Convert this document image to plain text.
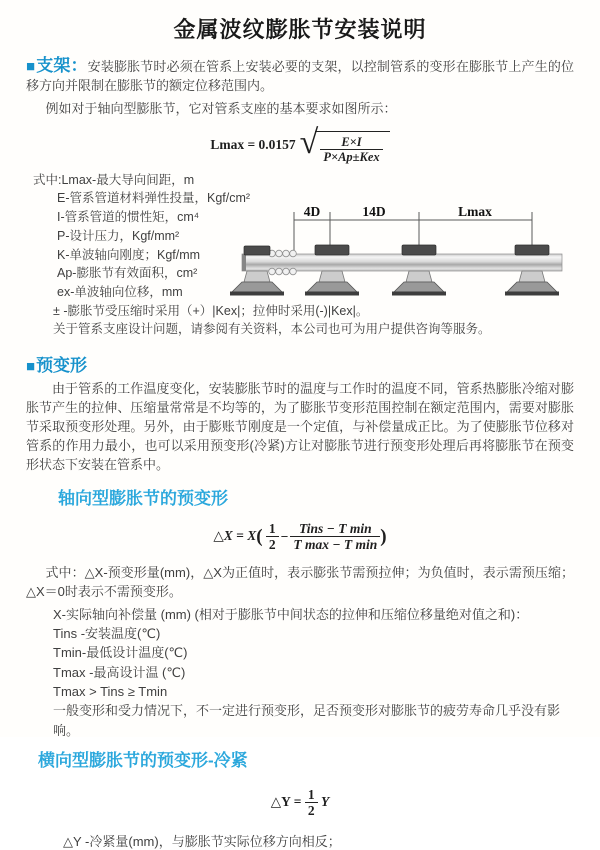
金属波纹膨胀节安装说明

■支架：安装膨胀节时必须在管系上安装必要的支架，以控制管系的变形在膨胀节上产生的位移方向并限制在膨胀节的额定位移范围内。

例如对于轴向型膨胀节，它对管系支座的基本要求如图所示：

Lmax = 0.0157 √ $\frac{E\times I}{\text{P×Ap±Kex}}$
式中:Lmax-最大导向间距，m
E-管系管道材料弹性投量，Kgf/cm²
I-管系管道的惯性矩，cm⁴
P-设计压力，Kgf/mm²
K-单波轴向刚度；Kgf/mm
Ap-膨胀节有效面积，cm²
ex-单波轴向位移，mm
± -膨胀节受压缩时采用（+）|Kex|；拉伸时采用(-)|Kex|。
关于管系支座设计问题，请参阅有关资料，本公司也可为用户提供咨询等服务。
4D	14D	Lmax
■预变形

由于管系的工作温度变化，安装膨胀节时的温度与工作时的温度不同，管系热膨胀冷缩对膨胀节产生的拉伸、压缩量常常是不均等的，为了膨胀节变形范围控制在额定范围内，需要对膨胀节采取预变形处理。另外，由于膨账节刚度是一个定值，与补偿量成正比。为了使膨胀节位移对管系的作用力最小，也可以采用预变形(冷紧)方让对膨胀节进行预变形处理后再将膨胀节在预变形状态下安装在管系中。

轴向型膨胀节的预变形
△X = $X( \frac{1}{2} - \frac{\text{Tins − T min}}{\text{T max − T min}}$ )

式中：△X-预变形量(mm)，△X为正值时，表示膨张节需预拉伸；为负值时，表示需预压缩；△X＝0时表示不需预变形。

X-实际轴向补偿量 (mm) (相对于膨胀节中间状态的拉伸和压缩位移量绝对值之和)：
Tins -安装温度(℃)
Tmin-最低设计温度(℃)
Tmax -最高设计温 (℃)
Tmax > Tins ≥ Tmin
一般变形和受力情况下，不一定进行预变形，足否预变形对膨胀节的疲劳寿命几乎没有影响。
横向型膨胀节的预变形-冷紧
△Y = $\frac{1}{2}$ Y
△Y -冷紧量(mm)，与膨胀节实际位移方向相反；
